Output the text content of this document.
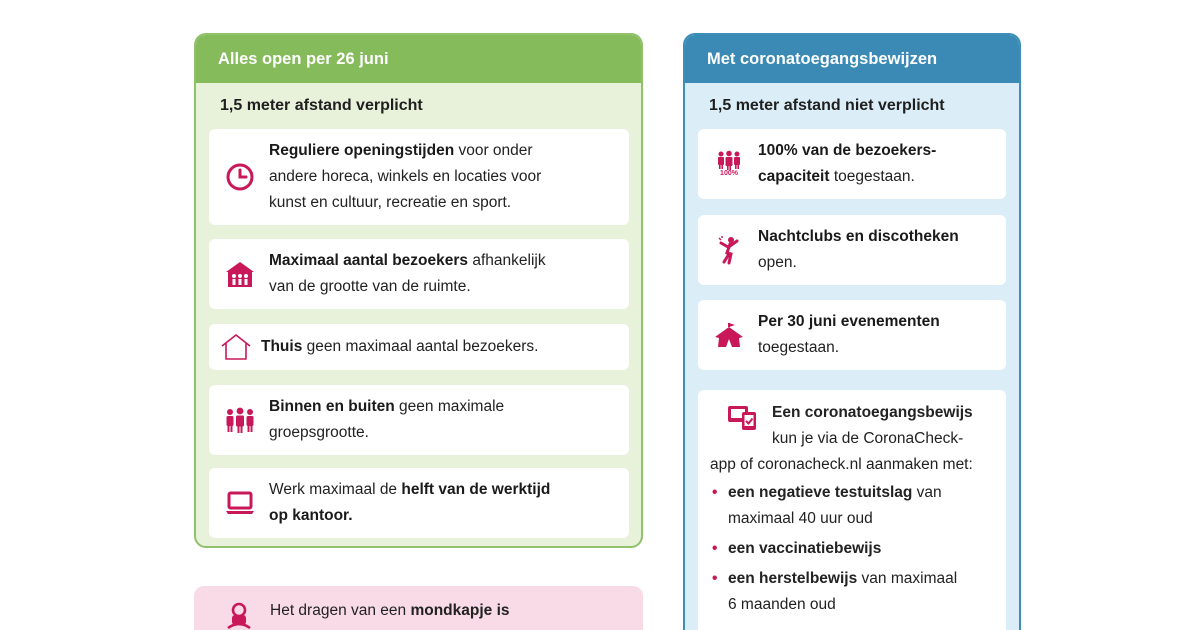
Alles open per 26 juni
1,5 meter afstand verplicht
Reguliere openingstijden voor onder
andere horeca, winkels en locaties voor
kunst en cultuur, recreatie en sport.
Maximaal aantal bezoekers afhankelijk
van de grootte van de ruimte.
Thuis geen maximaal aantal bezoekers.
Binnen en buiten geen maximale
groepsgrootte.
Werk maximaal de helft van de werktijd
op kantoor.
Het dragen van een mondkapje is
Met coronatoegangsbewijzen
1,5 meter afstand niet verplicht
100%
100% van de bezoekers-
capaciteit toegestaan.
Nachtclubs en discotheken
open.
Per 30 juni evenementen
toegestaan.
Een coronatoegangsbewijs
kun je via de CoronaCheck-
app of coronacheck.nl aanmaken met:
• een negatieve testuitslag van
maximaal 40 uur oud
• een vaccinatiebewijs
• een herstelbewijs van maximaal
6 maanden oud
